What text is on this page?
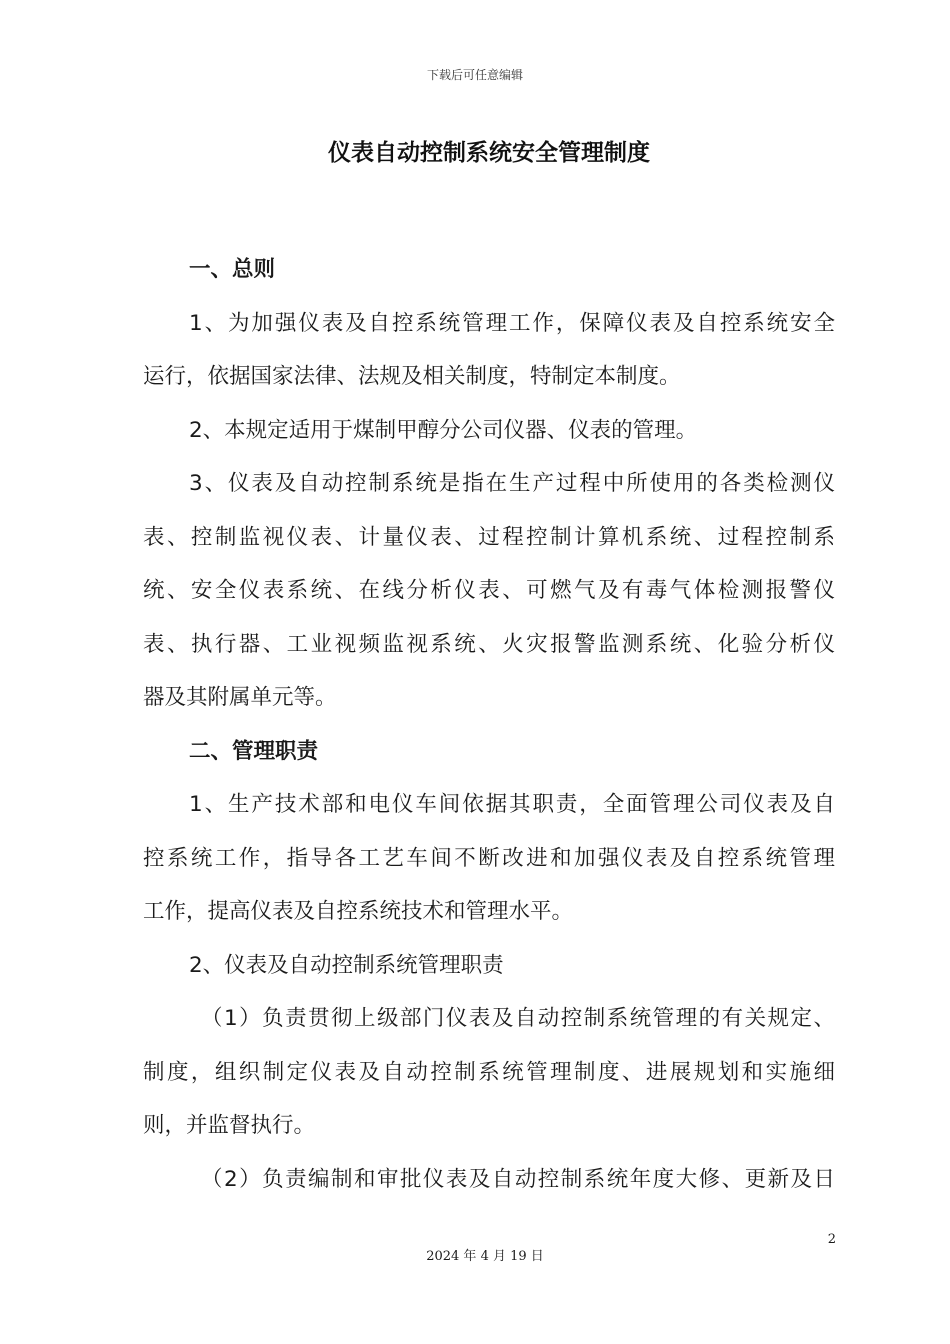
下载后可任意编辑
仪表自动控制系统安全管理制度
一、总则
1、为加强仪表及自控系统管理工作，保障仪表及自控系统安全
运行，依据国家法律、法规及相关制度，特制定本制度。
2、本规定适用于煤制甲醇分公司仪器、仪表的管理。
3、仪表及自动控制系统是指在生产过程中所使用的各类检测仪
表、控制监视仪表、计量仪表、过程控制计算机系统、过程控制系
统、安全仪表系统、在线分析仪表、可燃气及有毒气体检测报警仪
表、执行器、工业视频监视系统、火灾报警监测系统、化验分析仪
器及其附属单元等。
二、管理职责
1、生产技术部和电仪车间依据其职责，全面管理公司仪表及自
控系统工作，指导各工艺车间不断改进和加强仪表及自控系统管理
工作，提高仪表及自控系统技术和管理水平。
2、仪表及自动控制系统管理职责
（1）负责贯彻上级部门仪表及自动控制系统管理的有关规定、
制度，组织制定仪表及自动控制系统管理制度、进展规划和实施细
则，并监督执行。
（2）负责编制和审批仪表及自动控制系统年度大修、更新及日
2
2024 年 4 月 19 日
